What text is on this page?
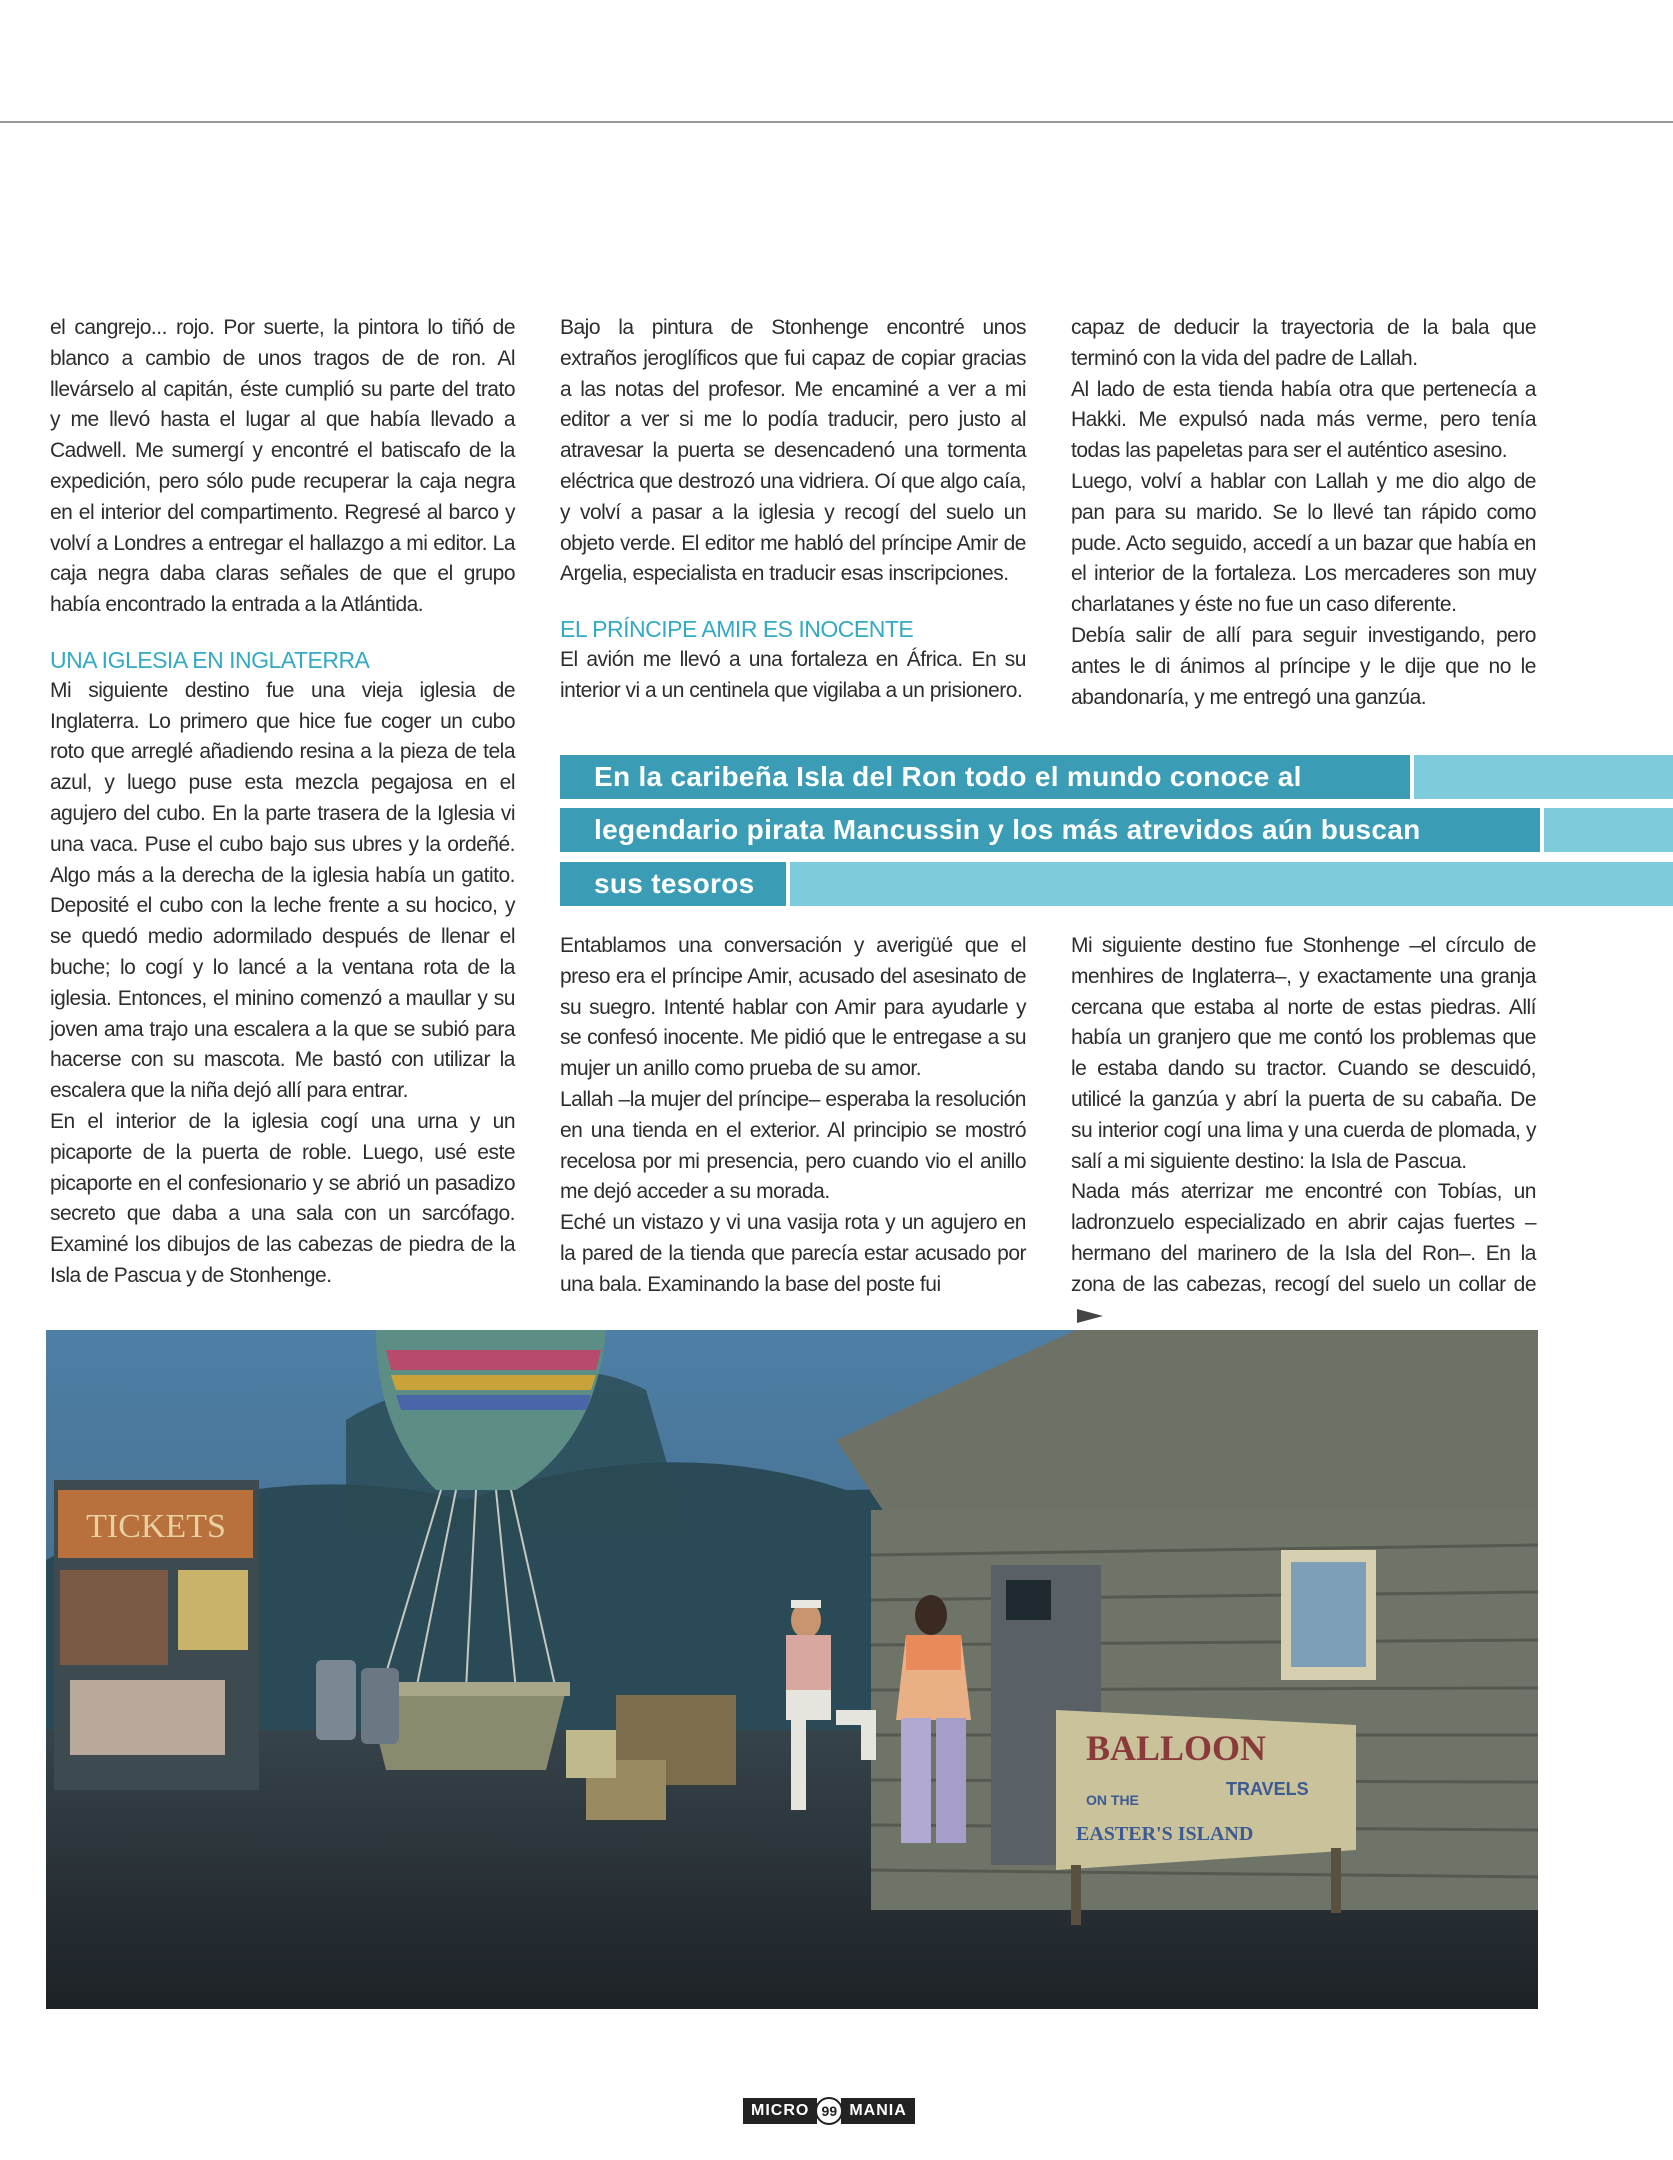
el cangrejo... rojo. Por suerte, la pintora lo tiñó de blanco a cambio de unos tragos de de ron. Al llevárselo al capitán, éste cumplió su parte del trato y me llevó hasta el lugar al que había llevado a Cadwell. Me sumergí y encontré el batiscafo de la expedición, pero sólo pude recuperar la caja negra en el interior del compartimento. Regresé al barco y volví a Londres a entregar el hallazgo a mi editor. La caja negra daba claras señales de que el grupo había encontrado la entrada a la Atlántida.

UNA IGLESIA EN INGLATERRA

Mi siguiente destino fue una vieja iglesia de Inglaterra. Lo primero que hice fue coger un cubo roto que arreglé añadiendo resina a la pieza de tela azul, y luego puse esta mezcla pegajosa en el agujero del cubo. En la parte trasera de la Iglesia vi una vaca. Puse el cubo bajo sus ubres y la ordeñé. Algo más a la derecha de la iglesia había un gatito. Deposité el cubo con la leche frente a su hocico, y se quedó medio adormilado después de llenar el buche; lo cogí y lo lancé a la ventana rota de la iglesia. Entonces, el minino comenzó a maullar y su joven ama trajo una escalera a la que se subió para hacerse con su mascota. Me bastó con utilizar la escalera que la niña dejó allí para entrar.

En el interior de la iglesia cogí una urna y un picaporte de la puerta de roble. Luego, usé este picaporte en el confesionario y se abrió un pasadizo secreto que daba a una sala con un sarcófago. Examiné los dibujos de las cabezas de piedra de la Isla de Pascua y de Stonhenge.

Bajo la pintura de Stonhenge encontré unos extraños jeroglíficos que fui capaz de copiar gracias a las notas del profesor. Me encaminé a ver a mi editor a ver si me lo podía traducir, pero justo al atravesar la puerta se desencadenó una tormenta eléctrica que destrozó una vidriera. Oí que algo caía, y volví a pasar a la iglesia y recogí del suelo un objeto verde. El editor me habló del príncipe Amir de Argelia, especialista en traducir esas inscripciones.

EL PRÍNCIPE AMIR ES INOCENTE

El avión me llevó a una fortaleza en África. En su interior vi a un centinela que vigilaba a un prisionero.

capaz de deducir la trayectoria de la bala que terminó con la vida del padre de Lallah.

Al lado de esta tienda había otra que pertenecía a Hakki. Me expulsó nada más verme, pero tenía todas las papeletas para ser el auténtico asesino.

Luego, volví a hablar con Lallah y me dio algo de pan para su marido. Se lo llevé tan rápido como pude. Acto seguido, accedí a un bazar que había en el interior de la fortaleza. Los mercaderes son muy charlatanes y éste no fue un caso diferente.

Debía salir de allí para seguir investigando, pero antes le di ánimos al príncipe y le dije que no le abandonaría, y me entregó una ganzúa.

En la caribeña Isla del Ron todo el mundo conoce al
legendario pirata Mancussin y los más atrevidos aún buscan
sus tesoros

Entablamos una conversación y averigüé que el preso era el príncipe Amir, acusado del asesinato de su suegro. Intenté hablar con Amir para ayudarle y se confesó inocente. Me pidió que le entregase a su mujer un anillo como prueba de su amor.

Lallah –la mujer del príncipe– esperaba la resolución en una tienda en el exterior. Al principio se mostró recelosa por mi presencia, pero cuando vio el anillo me dejó acceder a su morada.

Eché un vistazo y vi una vasija rota y un agujero en la pared de la tienda que parecía estar acusado por una bala. Examinando la base del poste fui

Mi siguiente destino fue Stonhenge –el círculo de menhires de Inglaterra–, y exactamente una granja cercana que estaba al norte de estas piedras. Allí había un granjero que me contó los problemas que le estaba dando su tractor. Cuando se descuidó, utilicé la ganzúa y abrí la puerta de su cabaña. De su interior cogí una lima y una cuerda de plomada, y salí a mi siguiente destino: la Isla de Pascua.

Nada más aterrizar me encontré con Tobías, un ladronzuelo especializado en abrir cajas fuertes –hermano del marinero de la Isla del Ron–. En la zona de las cabezas, recogí del suelo un collar de

TICKETS
BALLOON
TRAVELS
ON THE
EASTER'S ISLAND
MICRO 99 MANIA
